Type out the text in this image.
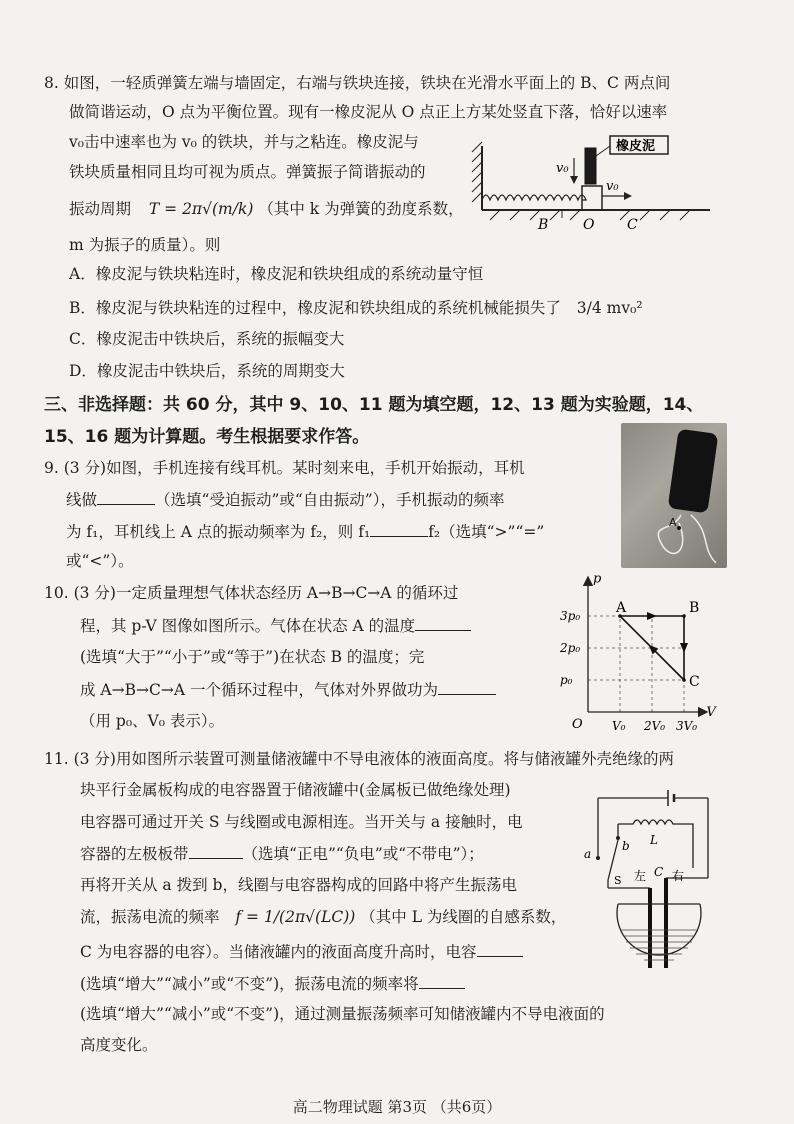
8. 如图，一轻质弹簧左端与墙固定，右端与铁块连接，铁块在光滑水平面上的 B、C 两点间
做简谐运动，O 点为平衡位置。现有一橡皮泥从 O 点正上方某处竖直下落，恰好以速率
v₀击中速率也为 v₀ 的铁块，并与之粘连。橡皮泥与
铁块质量相同且均可视为质点。弹簧振子简谐振动的
振动周期 T = 2π√(m/k) （其中 k 为弹簧的劲度系数，
m 为振子的质量）。则
A．橡皮泥与铁块粘连时，橡皮泥和铁块组成的系统动量守恒
B．橡皮泥与铁块粘连的过程中，橡皮泥和铁块组成的系统机械能损失了 3/4 mv₀²
C．橡皮泥击中铁块后，系统的振幅变大
D．橡皮泥击中铁块后，系统的周期变大
橡皮泥
v₀
v₀
B O C
三、非选择题：共 60 分，其中 9、10、11 题为填空题，12、13 题为实验题，14、
15、16 题为计算题。考生根据要求作答。
9. (3 分)如图，手机连接有线耳机。某时刻来电，手机开始振动，耳机
线做	（选填“受迫振动”或“自由振动”），手机振动的频率
为 f₁，耳机线上 A 点的振动频率为 f₂，则 f₁	f₂（选填“>”“=”
或“<”）。
A
10. (3 分)一定质量理想气体状态经历 A→B→C→A 的循环过
程，其 p-V 图像如图所示。气体在状态 A 的温度
(选填“大于”“小于”或“等于”)在状态 B 的温度；完
成 A→B→C→A 一个循环过程中，气体对外界做功为
（用 p₀、V₀ 表示）。	V
p
O V₀ 2V₀ 3V₀
p₀
2p₀
3p₀	A	B
C
11. (3 分)用如图所示装置可测量储液罐中不导电液体的液面高度。将与储液罐外壳绝缘的两
块平行金属板构成的电容器置于储液罐中(金属板已做绝缘处理)
电容器可通过开关 S 与线圈或电源相连。当开关与 a 接触时，电
容器的左极板带	（选填“正电”“负电”或“不带电”）；
再将开关从 a 拨到 b，线圈与电容器构成的回路中将产生振荡电
流，振荡电流的频率 f = 1/(2π√(LC)) （其中 L 为线圈的自感系数，
C 为电容器的电容）。当储液罐内的液面高度升高时，电容
(选填“增大”“减小”或“不变”)，振荡电流的频率将
(选填“增大”“减小”或“不变”)，通过测量振荡频率可知储液罐内不导电液面的
高度变化。
a
b
S
L
左 C 右
高二物理试题 第3页 （共6页）
